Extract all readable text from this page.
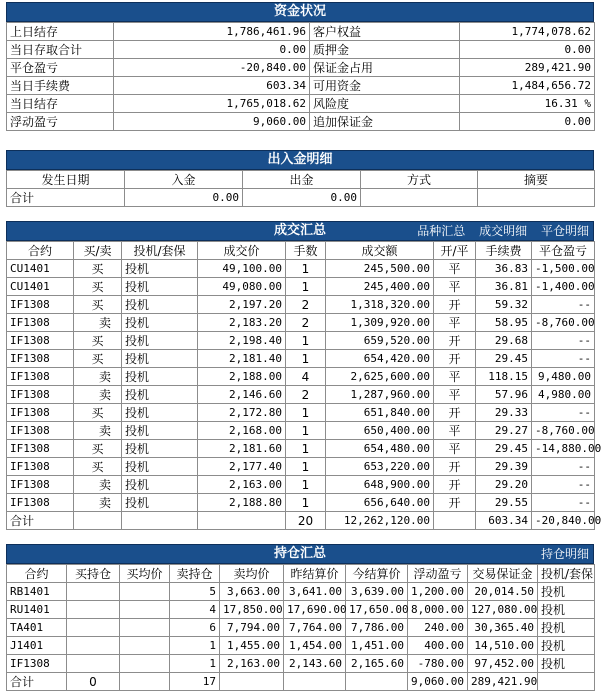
资金状况
上日结存	1,786,461.96	客户权益	1,774,078.62
当日存取合计	0.00	质押金	0.00
平仓盈亏	-20,840.00	保证金占用	289,421.90
当日手续费	603.34	可用资金	1,484,656.72
当日结存	1,765,018.62	风险度	16.31 %
浮动盈亏	9,060.00	追加保证金	0.00
出入金明细
发生日期	入金	出金	方式	摘要
合计	0.00	0.00		
成交汇总	品种汇总 成交明细 平仓明细
合约	买/卖	投机/套保	成交价	手数	成交额	开/平	手续费	平仓盈亏
CU1401	买	投机	49,100.00	1	245,500.00	平	36.83	-1,500.00
CU1401	买	投机	49,080.00	1	245,400.00	平	36.81	-1,400.00
IF1308	买	投机	2,197.20	2	1,318,320.00	开	59.32	--
IF1308	卖	投机	2,183.20	2	1,309,920.00	平	58.95	-8,760.00
IF1308	买	投机	2,198.40	1	659,520.00	开	29.68	--
IF1308	买	投机	2,181.40	1	654,420.00	开	29.45	--
IF1308	卖	投机	2,188.00	4	2,625,600.00	平	118.15	9,480.00
IF1308	卖	投机	2,146.60	2	1,287,960.00	平	57.96	4,980.00
IF1308	买	投机	2,172.80	1	651,840.00	开	29.33	--
IF1308	卖	投机	2,168.00	1	650,400.00	平	29.27	-8,760.00
IF1308	买	投机	2,181.60	1	654,480.00	平	29.45	-14,880.00
IF1308	买	投机	2,177.40	1	653,220.00	开	29.39	--
IF1308	卖	投机	2,163.00	1	648,900.00	开	29.20	--
IF1308	卖	投机	2,188.80	1	656,640.00	开	29.55	--
合计				20	12,262,120.00		603.34	-20,840.00
持仓汇总	持仓明细
合约	买持仓	买均价	卖持仓	卖均价	昨结算价	今结算价	浮动盈亏	交易保证金	投机/套保
RB1401			5	3,663.00	3,641.00	3,639.00	1,200.00	20,014.50	投机
RU1401			4	17,850.00	17,690.00	17,650.00	8,000.00	127,080.00	投机
TA401			6	7,794.00	7,764.00	7,786.00	240.00	30,365.40	投机
J1401			1	1,455.00	1,454.00	1,451.00	400.00	14,510.00	投机
IF1308			1	2,163.00	2,143.60	2,165.60	-780.00	97,452.00	投机
合计	0		17				9,060.00	289,421.90	
